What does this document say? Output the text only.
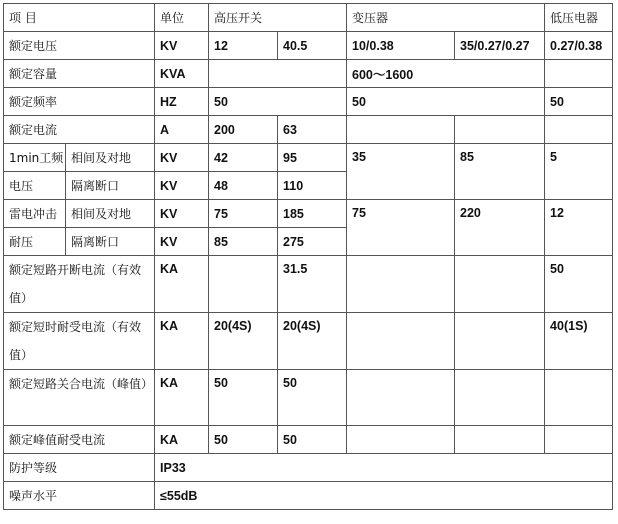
项 目		单位	高压开关		变压器		低压电器
额定电压		KV	12	40.5	10/0.38	35/0.27/0.27	0.27/0.38
额定容量		KVA			600～1600		
额定频率		HZ	50		50		50
额定电流		A	200	63			
1min工频	相间及对地	KV	42	95	35	85	5
电压	隔离断口	KV	48	110			
雷电冲击	相间及对地	KV	75	185	75	220	12
耐压	隔离断口	KV	85	275			
额定短路开断电流（有效值）		KA		31.5			50
额定短时耐受电流（有效值）		KA	20(4S)	20(4S)			40(1S)
额定短路关合电流（峰值）		KA	50	50			
额定峰值耐受电流		KA	50	50			
防护等级		IP33					
噪声水平		≤55dB					
